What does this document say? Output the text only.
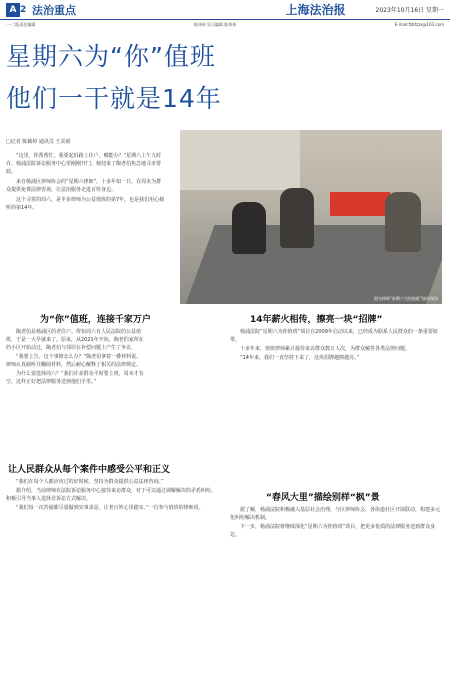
A 2 法治重点	上海法治报	2023年10月16日 星期一
一·二版责任编辑	陈炜伟 见习编辑 陈炜炜	E-mail:fzbfzzx@163.com
星期六为“你”值班
他们一干就是14年
□记者 陈颖婷 通讯员 王美娟

“这里，你帮帮忙，我要起诉路上住户，哪能办？”星期六上午九时许，杨浦法院诉讼服务中心里刚刚开门，便迎来了陶老伯焦急地寻求帮助。

来自杨浦区律师协会的“星期六律师”，十多年如一日，在周末为群众提供免费法律咨询，让法治服务走进百姓身边。

这个寻常的周六，是半步律师为公益值班的第7年，也是我们用心倾听的第14年。

图为律师“星期六为你值班”接待现场
为“你”值班，连接千家万户

陶老伯是杨浦区的老住户。得知周六有人民法院的公益值班，于是一大早就来了。原来，从2021年开始，陶老伯家所在的小区开始动迁，陶老伯与邻居在补偿问题上产生了争议。

“我要上告，这个事情怎么办？”陶老伯拿着一叠材料说。律师认真倾听并翻阅材料，然后耐心解释了相关的法律规定。

为什么要选择周六？“我们许多群众平时要上班，周末才有空，这样正好把法律服务送到他们手里。”

让人民群众从每个案件中感受公平和正义

“我们在每个人都应该过的好时候，坚持为群众提供公益法律咨询。”

据介绍，当前律师在法院诉讼服务中心接待来访群众，对于可以通过调解解决的矛盾纠纷，积极引导当事人选择非诉讼方式解决。

“我们每一次答疑都尽量做到实事求是，让老百姓心里踏实。”一位参与值班的律师说。

14年薪火相传，擦亮一块“招牌”

杨浦法院“星期六为你值班”项目自2009年启动以来，已经成为联系人民群众的一条重要纽带。

十多年来，值班律师累计接待来访群众数万人次，为群众解答各类法律问题。

“14年来，我们一直坚持下来了，这块招牌越擦越亮。”

“春风大里”描绘别样“枫”景

据了解，杨浦法院积极融入基层社会治理，与区律师协会、各街道社区开展联动，构建多元化纠纷解决机制。

下一步，杨浦法院将继续深化“星期六为你值班”项目，把更多优质的法律服务送到群众身边。
